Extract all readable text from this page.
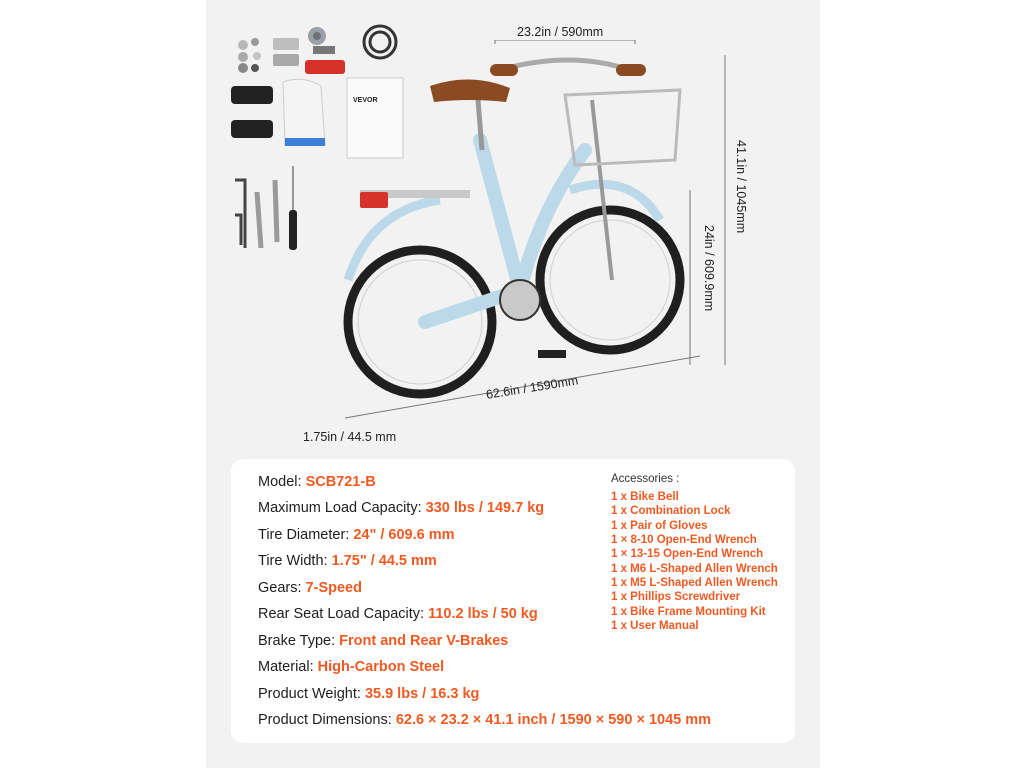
VEVOR
23.2in / 590mm
41.1in / 1045mm
24in / 609.9mm
62.6in / 1590mm
1.75in / 44.5 mm
Model: SCB721-B
Maximum Load Capacity: 330 lbs / 149.7 kg
Tire Diameter: 24" / 609.6 mm
Tire Width: 1.75" / 44.5 mm
Gears: 7-Speed
Rear Seat Load Capacity: 110.2 lbs / 50 kg
Brake Type: Front and Rear V-Brakes
Material: High-Carbon Steel
Product Weight: 35.9 lbs / 16.3 kg
Product Dimensions: 62.6 × 23.2 × 41.1 inch / 1590 × 590 × 1045 mm
Accessories :
1 x Bike Bell
1 x Combination Lock
1 x Pair of Gloves
1 × 8-10 Open-End Wrench
1 × 13-15 Open-End Wrench
1 x M6 L-Shaped Allen Wrench
1 x M5 L-Shaped Allen Wrench
1 x Phillips Screwdriver
1 x Bike Frame Mounting Kit
1 x User Manual
